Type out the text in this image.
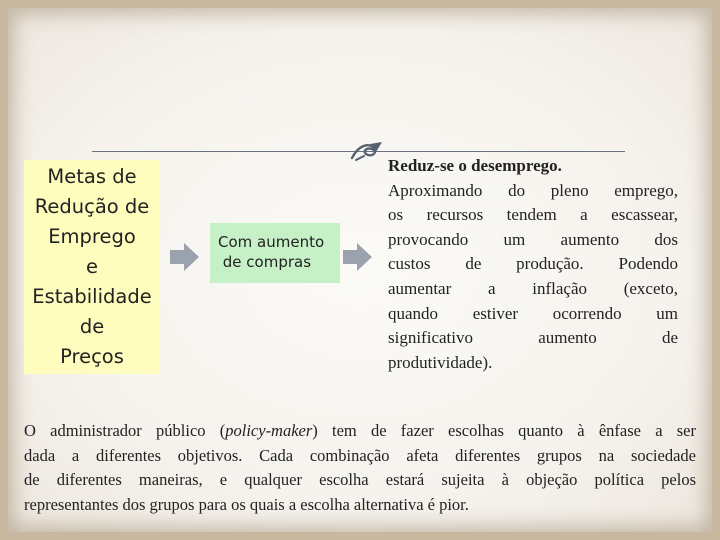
Metas de
Redução de
Emprego
e
Estabilidade
de
Preços
Com aumento
de compras
Reduz-se o desemprego.
Aproximando do pleno emprego,
os recursos tendem a escassear,
provocando um aumento dos
custos de produção. Podendo
aumentar a inflação (exceto,
quando estiver ocorrendo um
significativo aumento de
produtividade).
O administrador público (policy-maker) tem de fazer escolhas quanto à ênfase a ser
dada a diferentes objetivos. Cada combinação afeta diferentes grupos na sociedade
de diferentes maneiras, e qualquer escolha estará sujeita à objeção política pelos
representantes dos grupos para os quais a escolha alternativa é pior.
